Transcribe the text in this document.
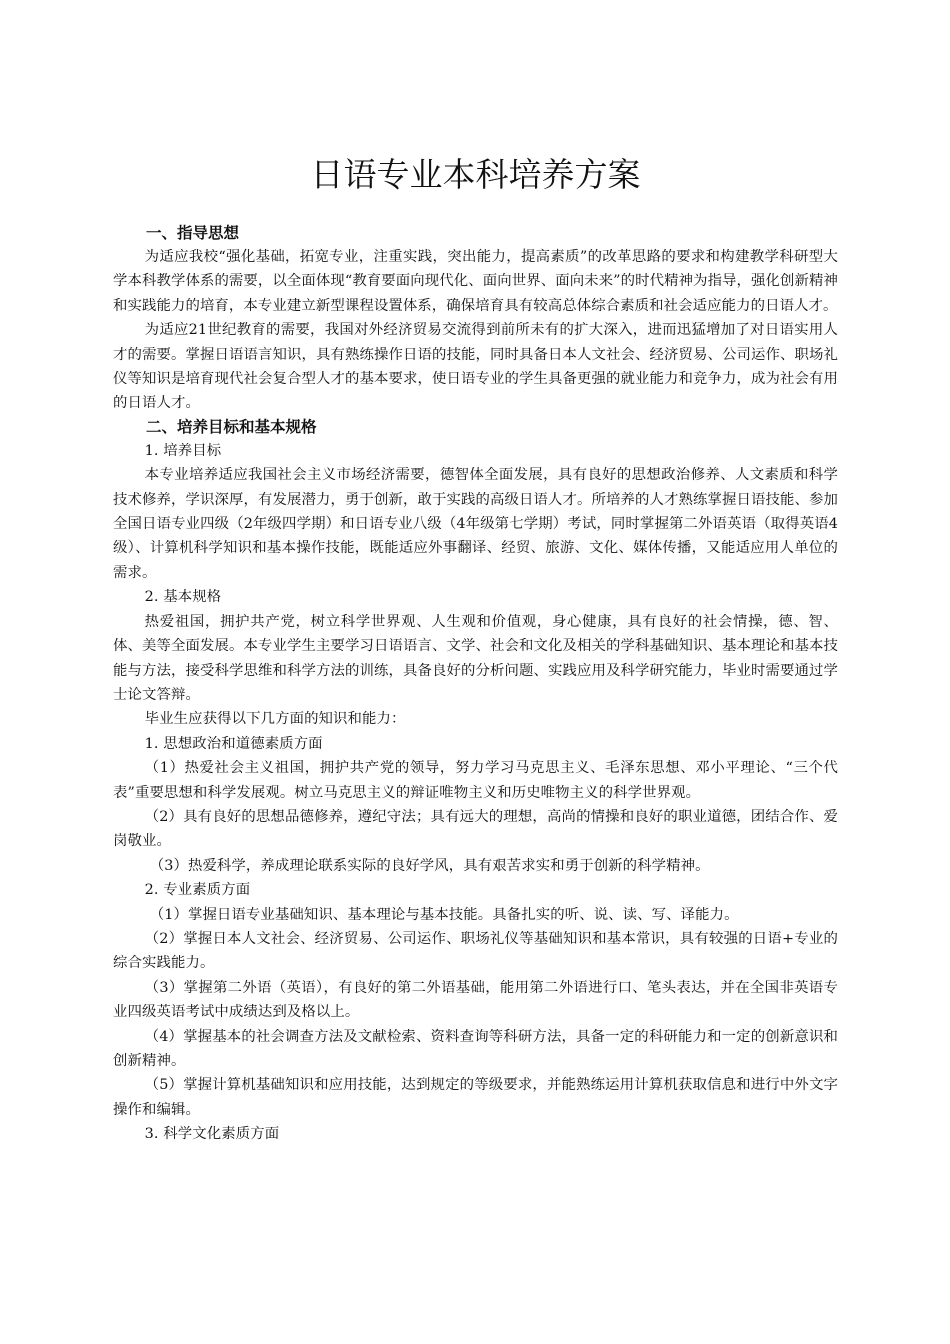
日语专业本科培养方案
一、指导思想

为适应我校“强化基础，拓宽专业，注重实践，突出能力，提高素质”的改革思路的要求和构建教学科研型大学本科教学体系的需要，以全面体现“教育要面向现代化、面向世界、面向未来”的时代精神为指导，强化创新精神和实践能力的培育，本专业建立新型课程设置体系，确保培育具有较高总体综合素质和社会适应能力的日语人才。

为适应21世纪教育的需要，我国对外经济贸易交流得到前所未有的扩大深入，进而迅猛增加了对日语实用人才的需要。掌握日语语言知识，具有熟练操作日语的技能，同时具备日本人文社会、经济贸易、公司运作、职场礼仪等知识是培育现代社会复合型人才的基本要求，使日语专业的学生具备更强的就业能力和竞争力，成为社会有用的日语人才。

二、培养目标和基本规格

1. 培养目标

本专业培养适应我国社会主义市场经济需要，德智体全面发展，具有良好的思想政治修养、人文素质和科学技术修养，学识深厚，有发展潜力，勇于创新，敢于实践的高级日语人才。所培养的人才熟练掌握日语技能、参加全国日语专业四级（2年级四学期）和日语专业八级（4年级第七学期）考试，同时掌握第二外语英语（取得英语4级）、计算机科学知识和基本操作技能，既能适应外事翻译、经贸、旅游、文化、媒体传播，又能适应用人单位的需求。

2. 基本规格

热爱祖国，拥护共产党，树立科学世界观、人生观和价值观，身心健康，具有良好的社会情操，德、智、体、美等全面发展。本专业学生主要学习日语语言、文学、社会和文化及相关的学科基础知识、基本理论和基本技能与方法，接受科学思维和科学方法的训练，具备良好的分析问题、实践应用及科学研究能力，毕业时需要通过学士论文答辩。

毕业生应获得以下几方面的知识和能力：

1. 思想政治和道德素质方面

（1）热爱社会主义祖国，拥护共产党的领导，努力学习马克思主义、毛泽东思想、邓小平理论、“三个代表”重要思想和科学发展观。树立马克思主义的辩证唯物主义和历史唯物主义的科学世界观。

（2）具有良好的思想品德修养，遵纪守法；具有远大的理想，高尚的情操和良好的职业道德，团结合作、爱岗敬业。

（3）热爱科学，养成理论联系实际的良好学风，具有艰苦求实和勇于创新的科学精神。

2. 专业素质方面

（1）掌握日语专业基础知识、基本理论与基本技能。具备扎实的听、说、读、写、译能力。

（2）掌握日本人文社会、经济贸易、公司运作、职场礼仪等基础知识和基本常识，具有较强的日语+专业的综合实践能力。

（3）掌握第二外语（英语），有良好的第二外语基础，能用第二外语进行口、笔头表达，并在全国非英语专业四级英语考试中成绩达到及格以上。

（4）掌握基本的社会调查方法及文献检索、资料查询等科研方法，具备一定的科研能力和一定的创新意识和创新精神。

（5）掌握计算机基础知识和应用技能，达到规定的等级要求，并能熟练运用计算机获取信息和进行中外文字操作和编辑。

3. 科学文化素质方面
